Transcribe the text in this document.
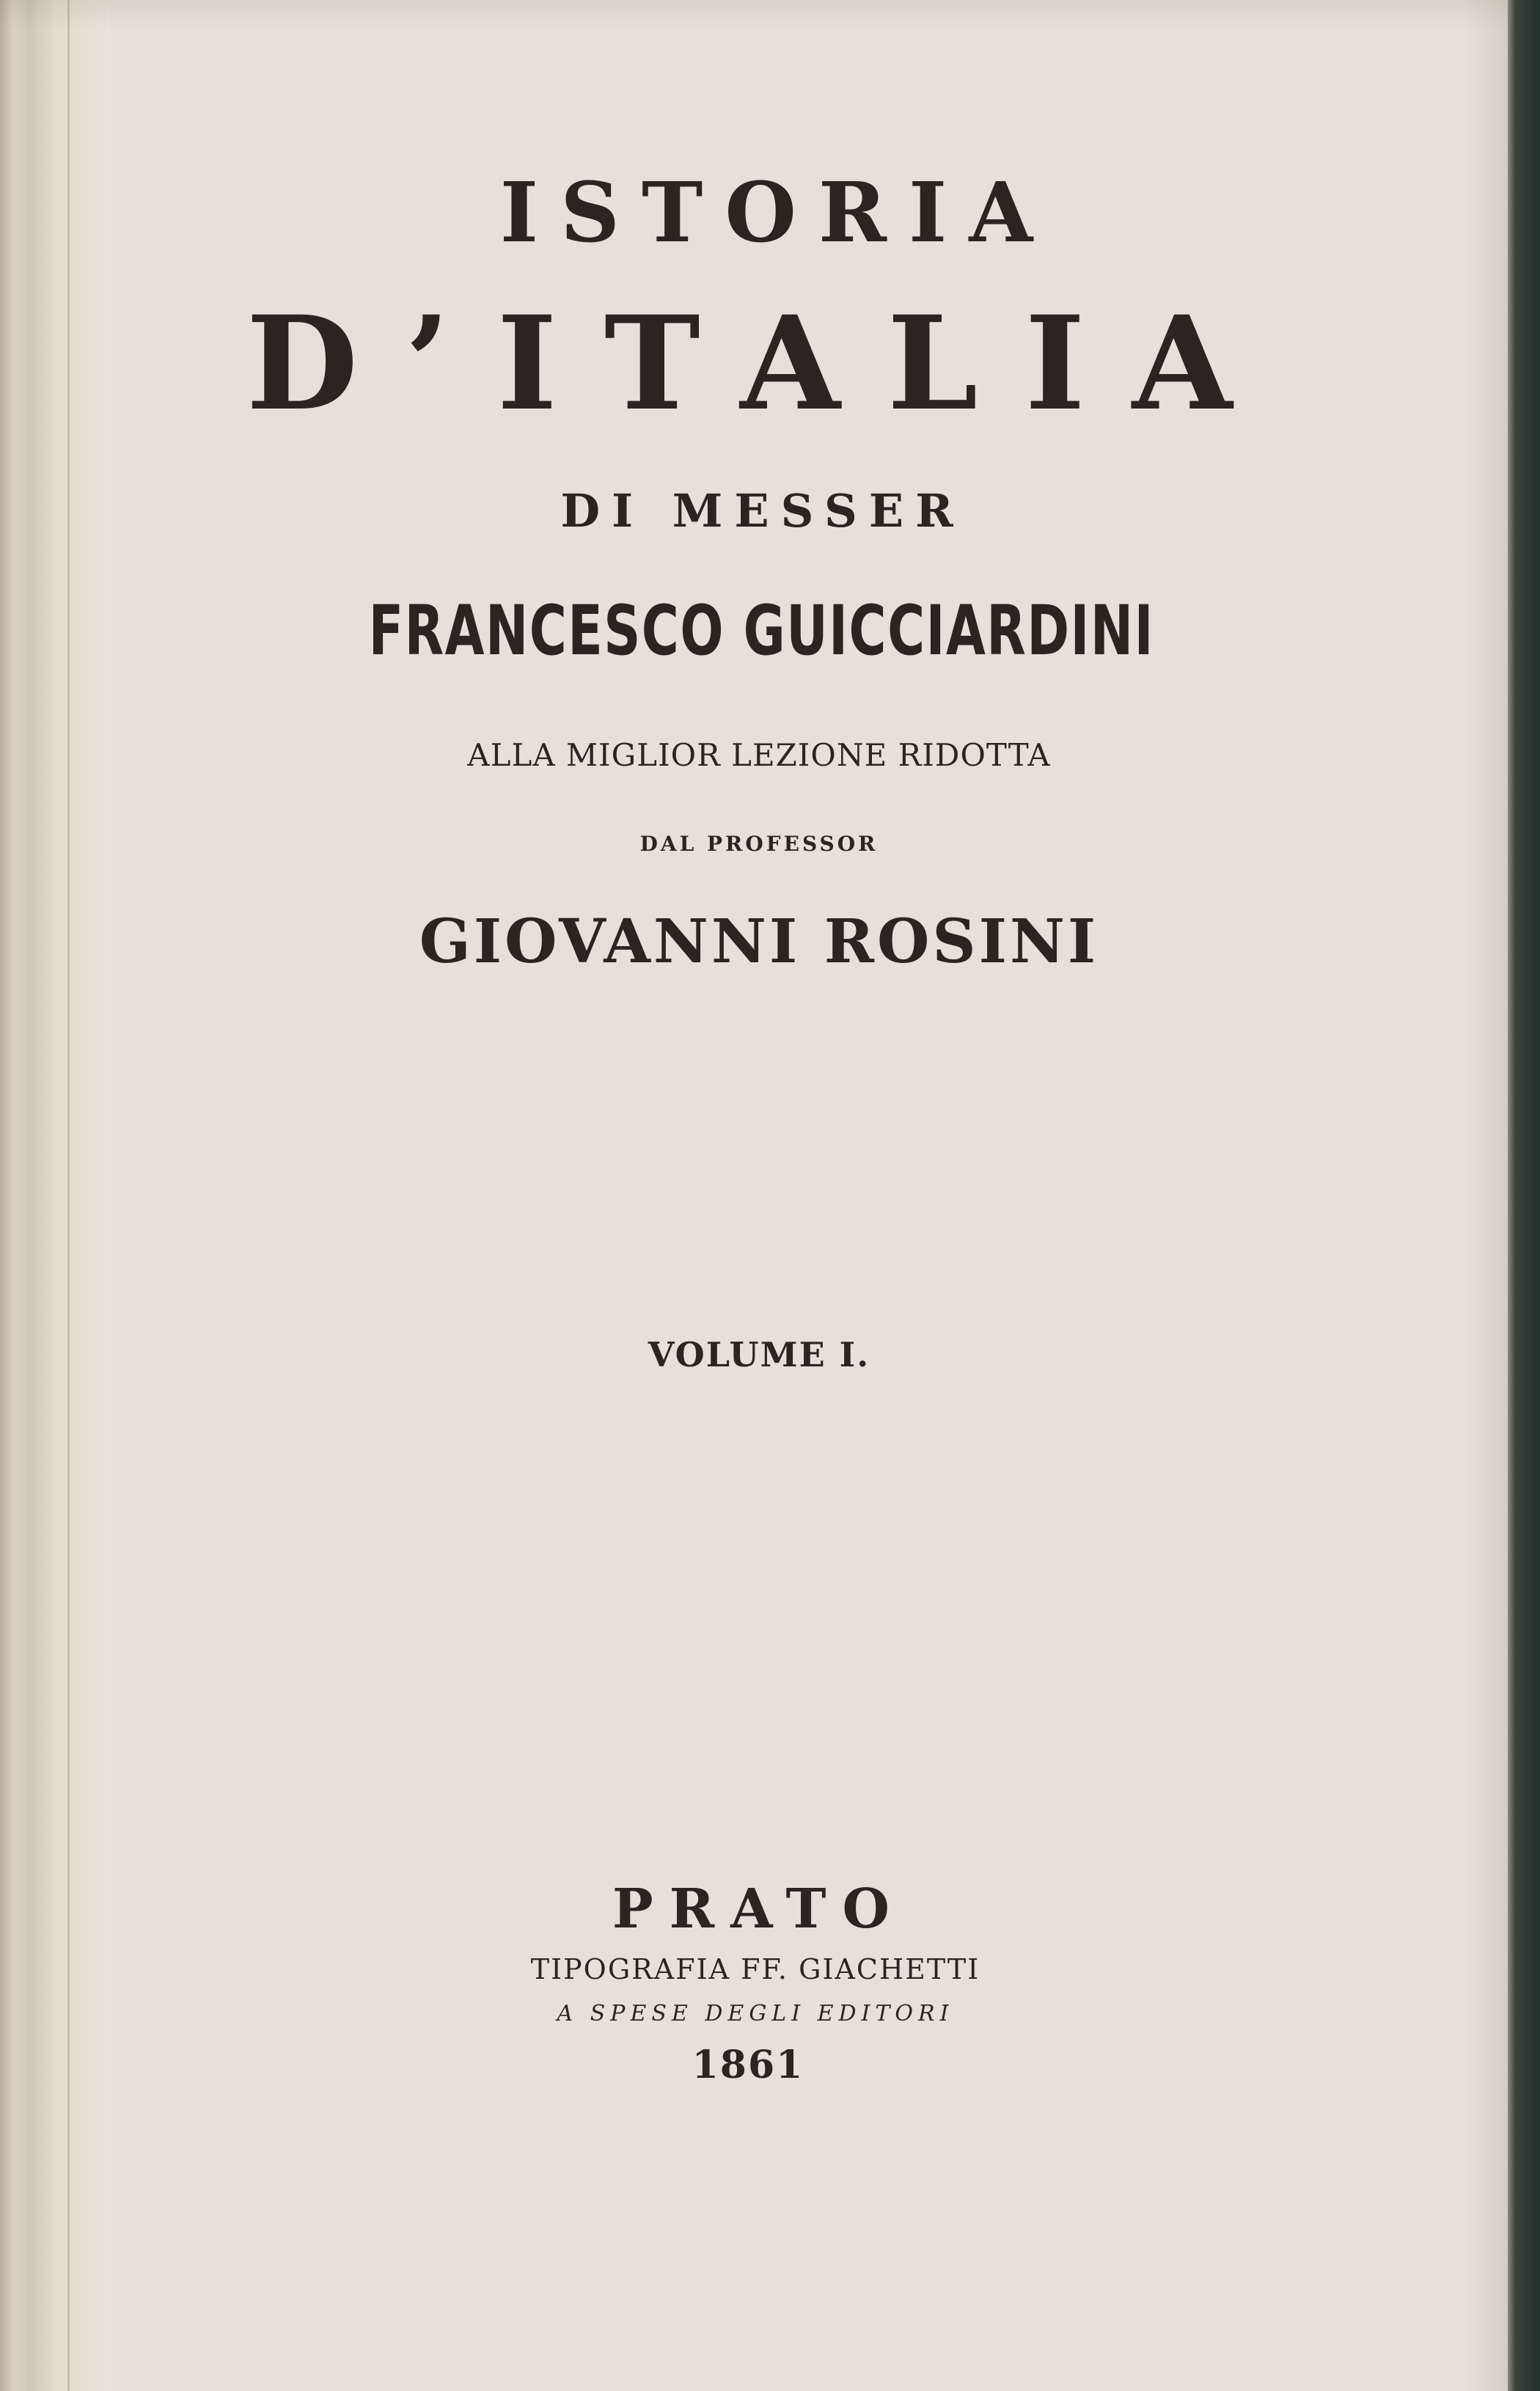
ISTORIA
D’ITALIA
DI MESSER
FRANCESCO GUICCIARDINI
ALLA MIGLIOR LEZIONE RIDOTTA
DAL PROFESSOR
GIOVANNI ROSINI
VOLUME I.
PRATO
TIPOGRAFIA FF. GIACHETTI
A SPESE DEGLI EDITORI
1861
